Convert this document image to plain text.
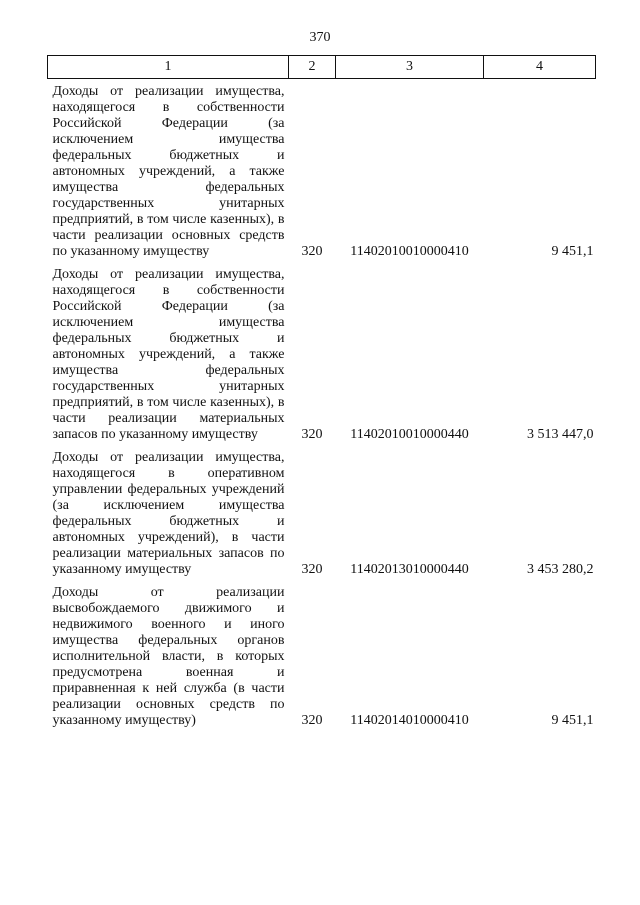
370
1	2	3	4
Доходы от реализации имущества, находящегося в собственности Российской Федерации (за исключением имущества федеральных бюджетных и автономных учреждений, а также имущества федеральных государственных унитарных предприятий, в том числе казенных), в части реализации основных средств по указанному имуществу	320	11402010010000410	9 451,1
Доходы от реализации имущества, находящегося в собственности Российской Федерации (за исключением имущества федеральных бюджетных и автономных учреждений, а также имущества федеральных государственных унитарных предприятий, в том числе казенных), в части реализации материальных запасов по указанному имуществу	320	11402010010000440	3 513 447,0
Доходы от реализации имущества, находящегося в оперативном управлении федеральных учреждений (за исключением имущества федеральных бюджетных и автономных учреждений), в части реализации материальных запасов по указанному имуществу	320	11402013010000440	3 453 280,2
Доходы от реализации высвобождаемого движимого и недвижимого военного и иного имущества федеральных органов исполнительной власти, в которых предусмотрена военная и приравненная к ней служба (в части реализации основных средств по указанному имуществу)	320	11402014010000410	9 451,1
